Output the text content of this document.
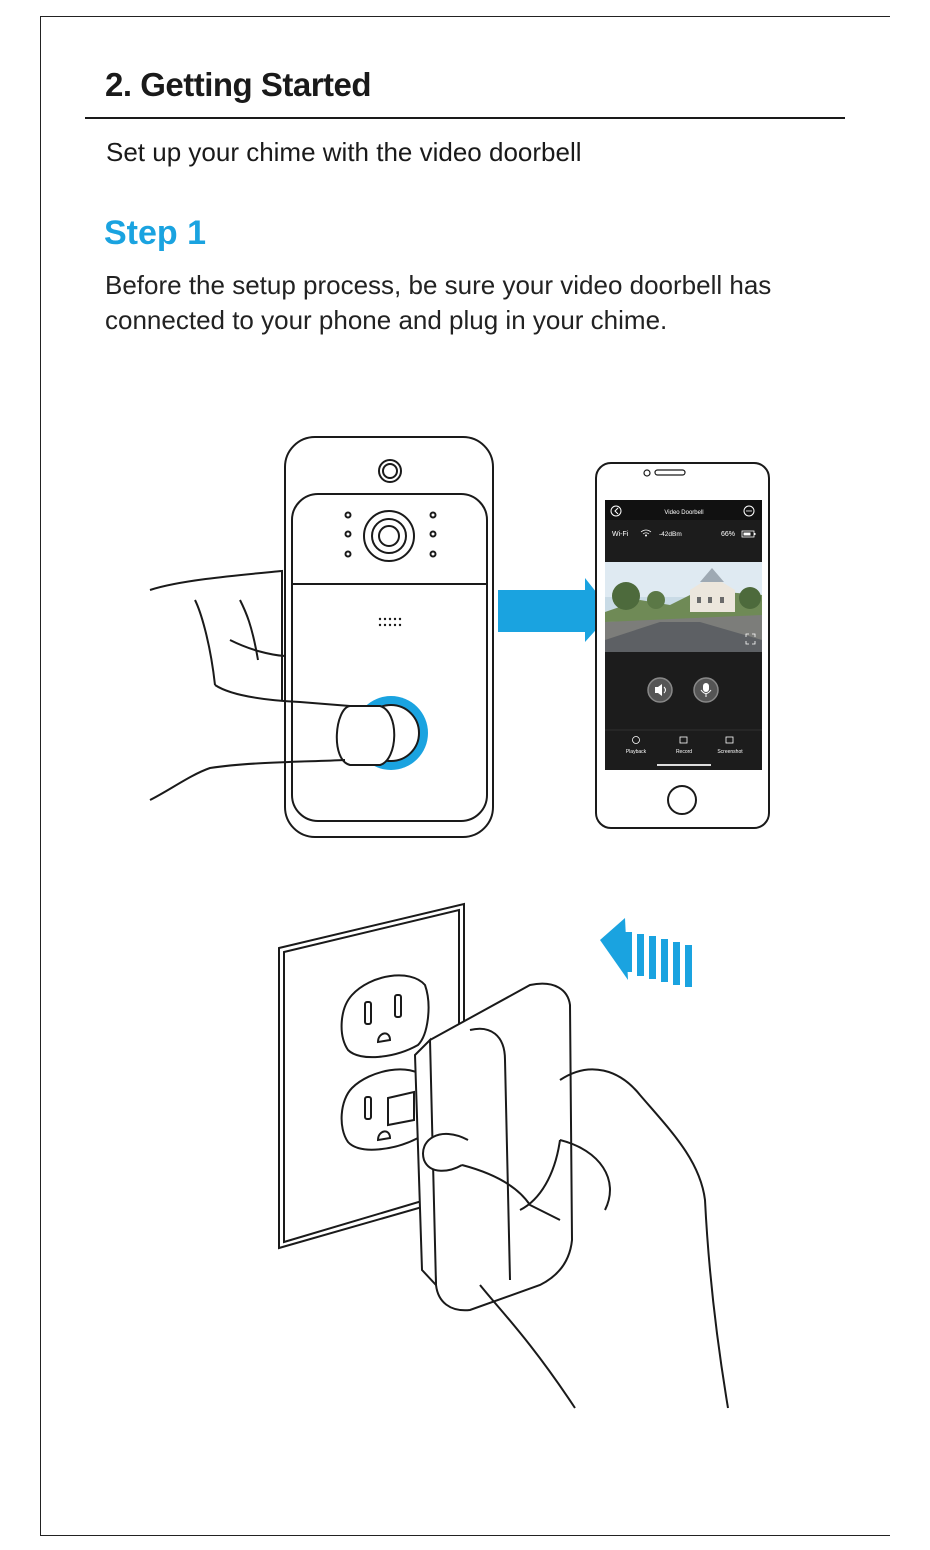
2. Getting Started
Set up your chime with the video doorbell
Step 1
Before the setup process, be sure your video doorbell has connected to your phone and plug in your chime.
Video Doorbell
Wi-Fi	-42dBm	66%
Playback	Record	Screenshot
